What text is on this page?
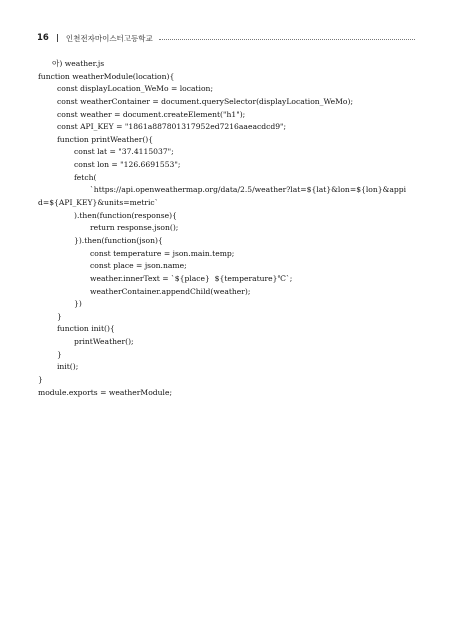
16 인천전자마이스터고등학교
아) weather.js
function weatherModule(location){
const displayLocation_WeMo = location;
const weatherContainer = document.querySelector(displayLocation_WeMo);
const weather = document.createElement("h1");
const API_KEY = "1861a887801317952ed7216aaeacdcd9";
function printWeather(){
const lat = "37.4115037";
const lon = "126.6691553";
fetch(
`https://api.openweathermap.org/data/2.5/weather?lat=${lat}&lon=${lon}&appi
d=${API_KEY}&units=metric`
).then(function(response){
return response.json();
}).then(function(json){
const temperature = json.main.temp;
const place = json.name;
weather.innerText = `${place}  ${temperature}℃`;
weatherContainer.appendChild(weather);
})
}
function init(){
printWeather();
}
init();
}
module.exports = weatherModule;
